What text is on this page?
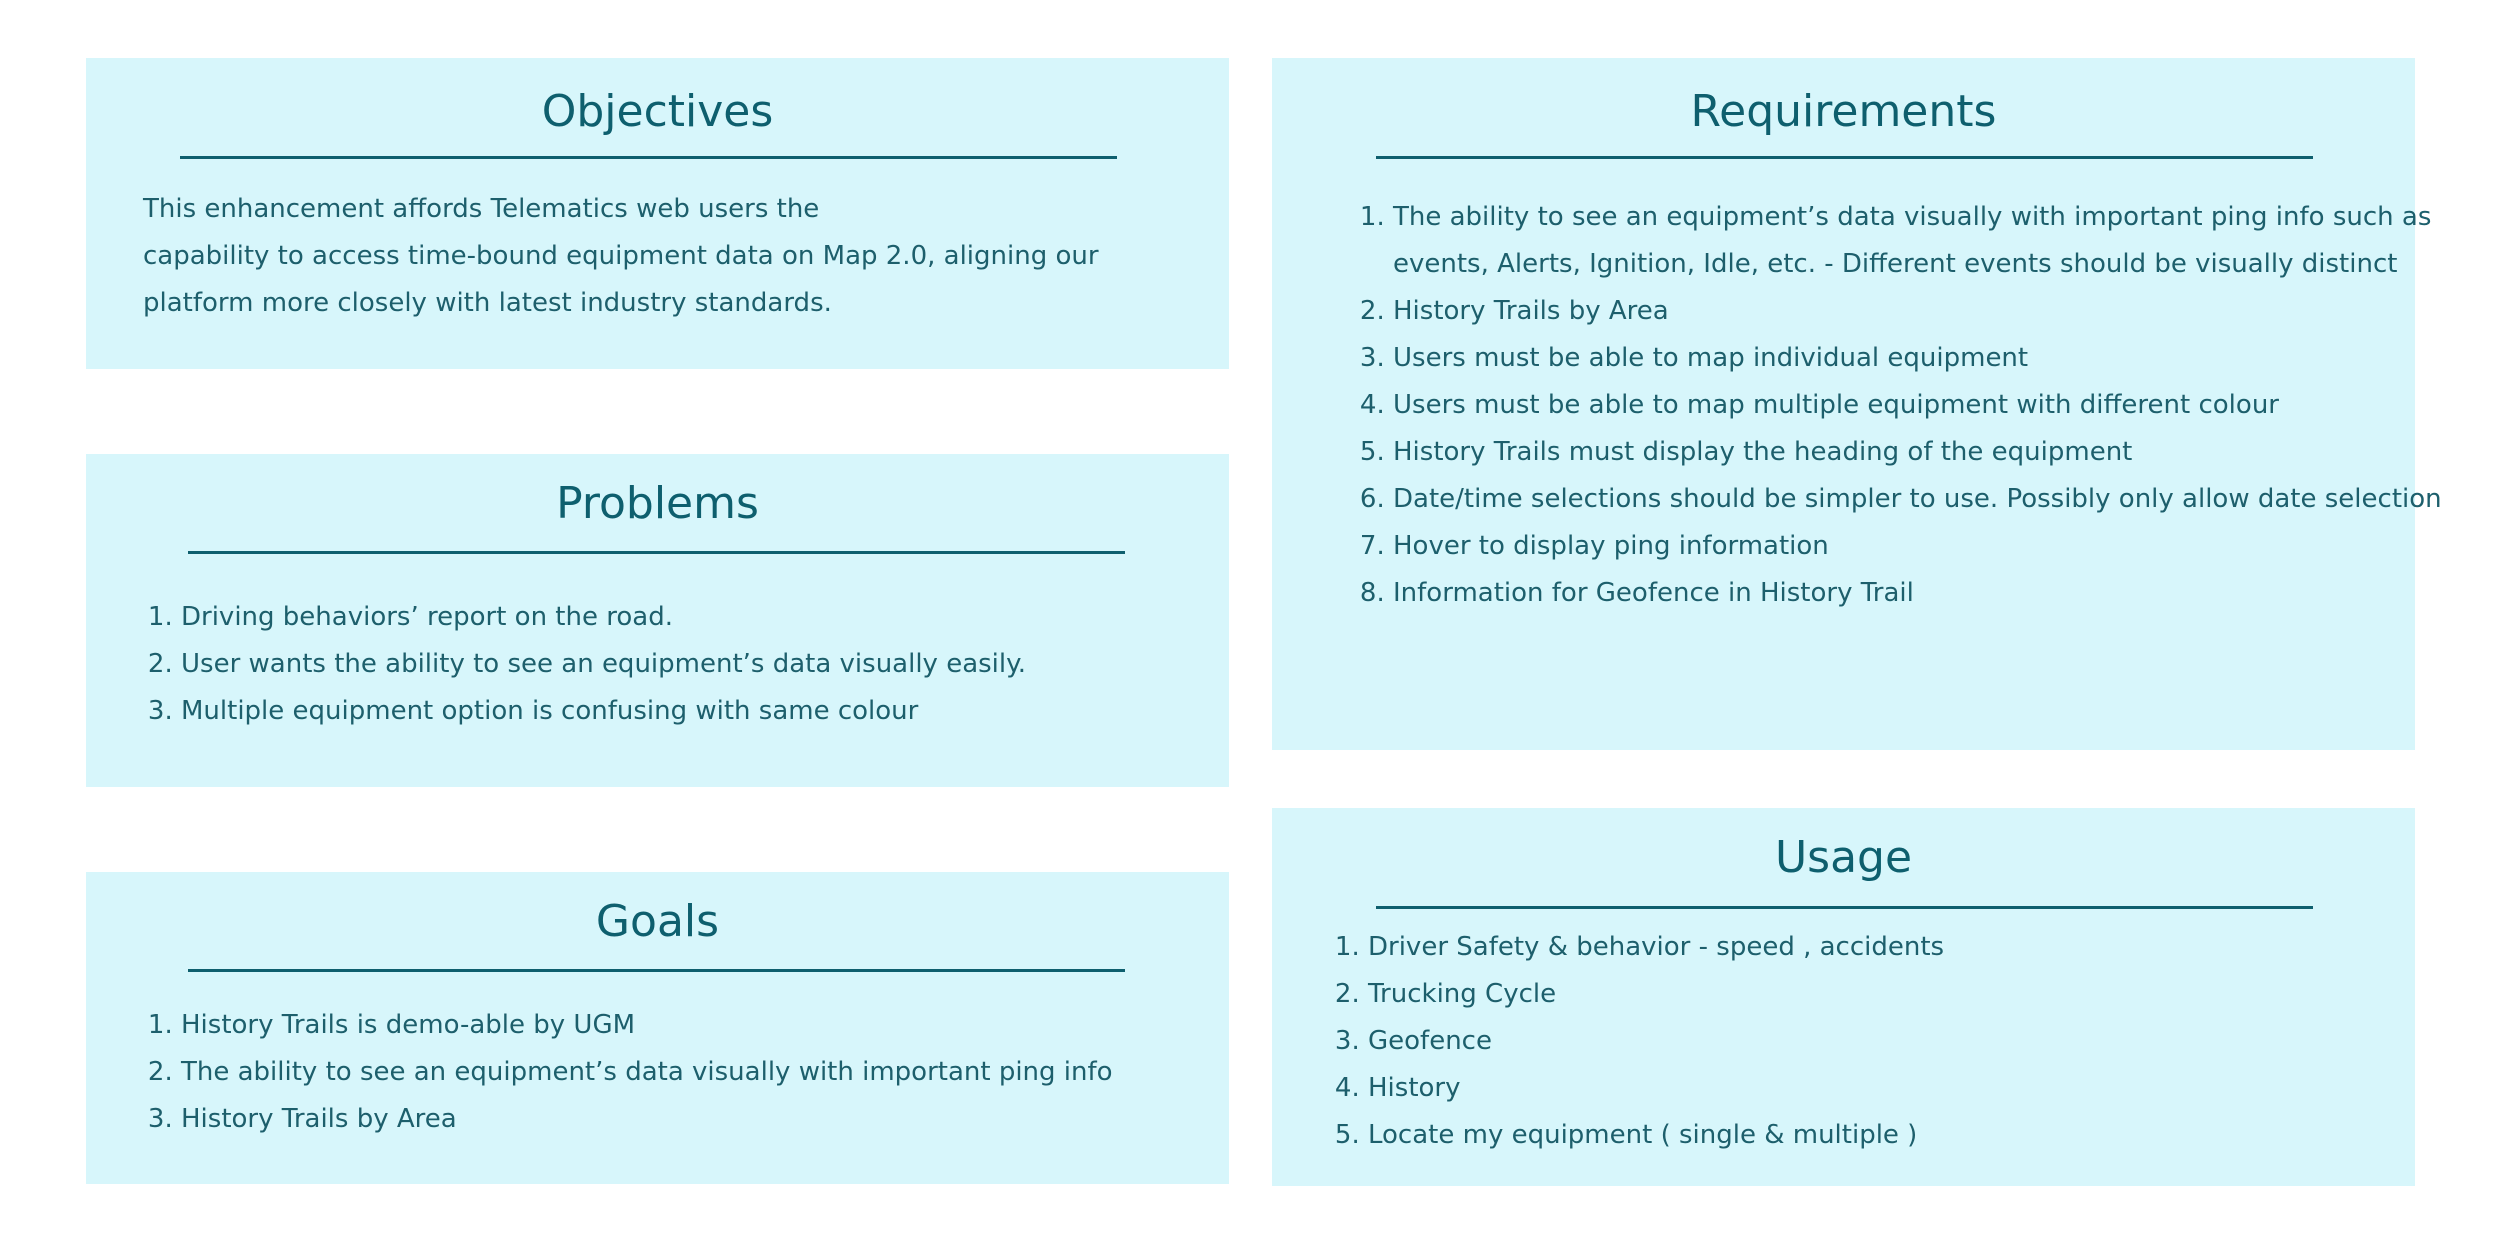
Objectives

This enhancement affords Telematics web users the
capability to access time-bound equipment data on Map 2.0, aligning our
platform more closely with latest industry standards.

Problems
1. Driving behaviors’ report on the road.
2. User wants the ability to see an equipment’s data visually easily.
3. Multiple equipment option is confusing with same colour
Goals
1. History Trails is demo-able by UGM
2. The ability to see an equipment’s data visually with important ping info
3. History Trails by Area
Requirements
1. The ability to see an equipment’s data visually with important ping info such as events, Alerts, Ignition, Idle, etc. - Different events should be visually distinct
2. History Trails by Area
3. Users must be able to map individual equipment
4. Users must be able to map multiple equipment with different colour
5. History Trails must display the heading of the equipment
6. Date/time selections should be simpler to use. Possibly only allow date selection
7. Hover to display ping information
8. Information for Geofence in History Trail
Usage
1. Driver Safety & behavior - speed , accidents
2. Trucking Cycle
3. Geofence
4. History
5. Locate my equipment ( single & multiple )
